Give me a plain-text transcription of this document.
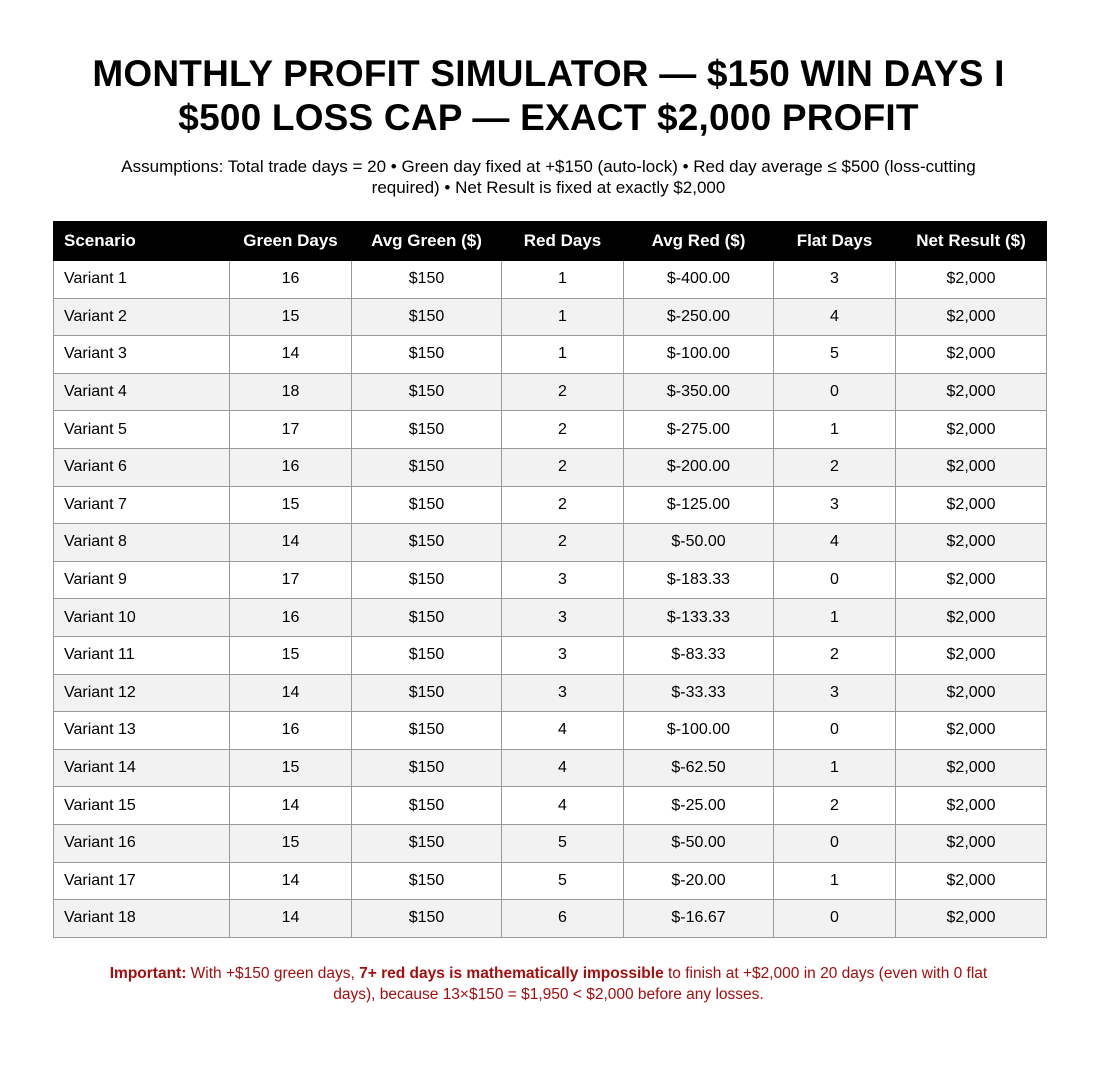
MONTHLY PROFIT SIMULATOR — $150 WIN DAYS I
$500 LOSS CAP — EXACT $2,000 PROFIT
Assumptions: Total trade days = 20 • Green day fixed at +$150 (auto-lock) • Red day average ≤ $500 (loss-cutting
required) • Net Result is fixed at exactly $2,000
Scenario	Green Days	Avg Green ($)	Red Days	Avg Red ($)	Flat Days	Net Result ($)
Variant 1	16	$150	1	$-400.00	3	$2,000
Variant 2	15	$150	1	$-250.00	4	$2,000
Variant 3	14	$150	1	$-100.00	5	$2,000
Variant 4	18	$150	2	$-350.00	0	$2,000
Variant 5	17	$150	2	$-275.00	1	$2,000
Variant 6	16	$150	2	$-200.00	2	$2,000
Variant 7	15	$150	2	$-125.00	3	$2,000
Variant 8	14	$150	2	$-50.00	4	$2,000
Variant 9	17	$150	3	$-183.33	0	$2,000
Variant 10	16	$150	3	$-133.33	1	$2,000
Variant 11	15	$150	3	$-83.33	2	$2,000
Variant 12	14	$150	3	$-33.33	3	$2,000
Variant 13	16	$150	4	$-100.00	0	$2,000
Variant 14	15	$150	4	$-62.50	1	$2,000
Variant 15	14	$150	4	$-25.00	2	$2,000
Variant 16	15	$150	5	$-50.00	0	$2,000
Variant 17	14	$150	5	$-20.00	1	$2,000
Variant 18	14	$150	6	$-16.67	0	$2,000
Important: With +$150 green days, 7+ red days is mathematically impossible to finish at +$2,000 in 20 days (even with 0 flat
days), because 13×$150 = $1,950 < $2,000 before any losses.
